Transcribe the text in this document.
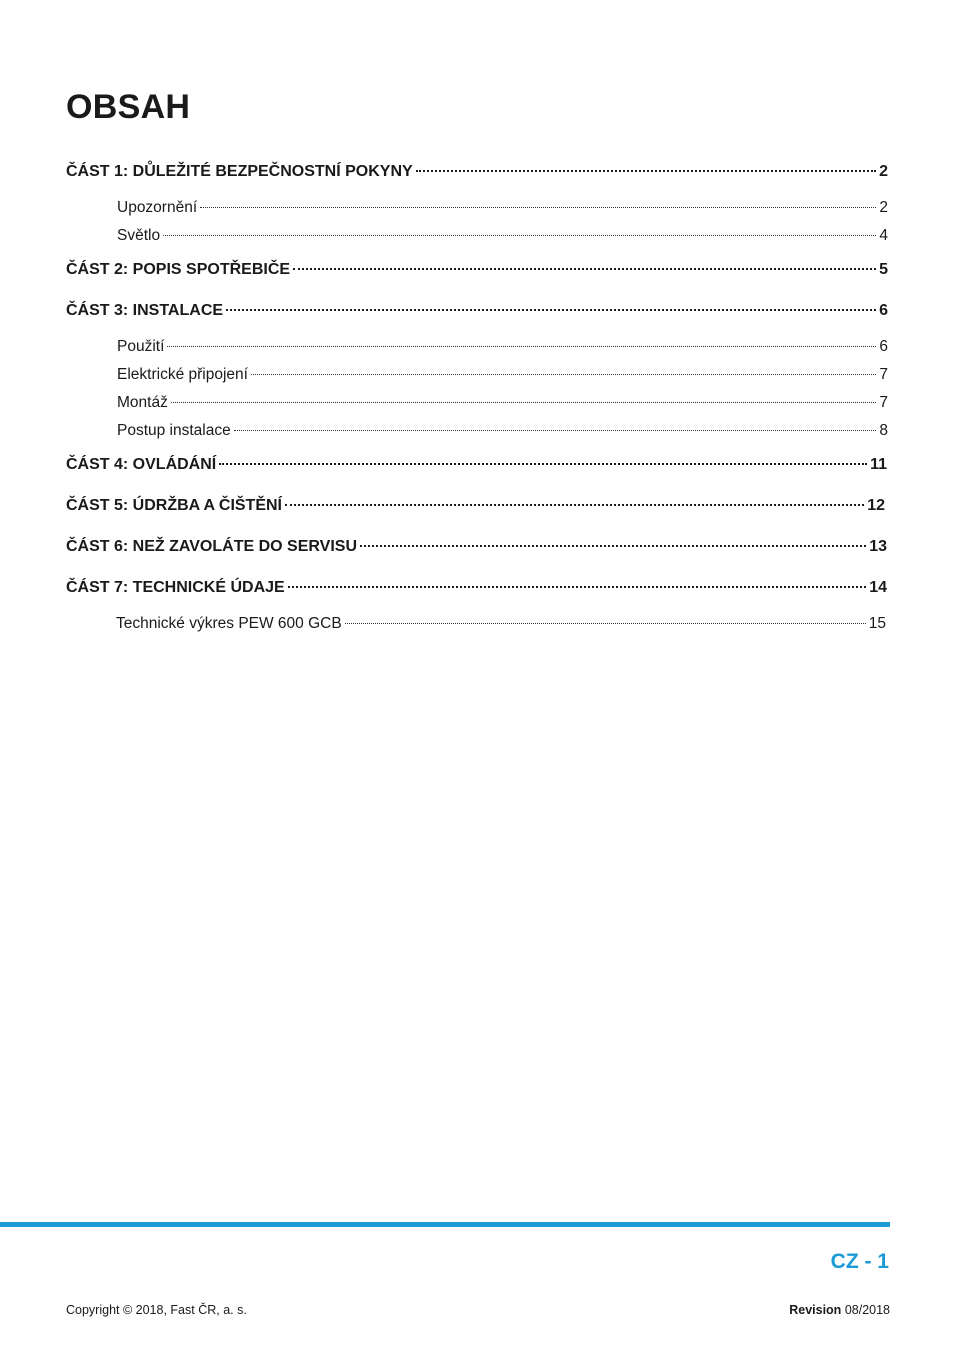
OBSAH
ČÁST 1: DŮLEŽITÉ BEZPEČNOSTNÍ POKYNY	2
Upozornění	2
Světlo	4
ČÁST 2: POPIS SPOTŘEBIČE	5
ČÁST 3: INSTALACE	6
Použití	6
Elektrické připojení	7
Montáž	7
Postup instalace	8
ČÁST 4: OVLÁDÁNÍ	11
ČÁST 5: ÚDRŽBA A ČIŠTĚNÍ	12
ČÁST 6: NEŽ ZAVOLÁTE DO SERVISU	13
ČÁST 7: TECHNICKÉ ÚDAJE	14
Technické výkres PEW 600 GCB	15
CZ - 1
Copyright © 2018, Fast ČR, a. s.	Revision 08/2018
